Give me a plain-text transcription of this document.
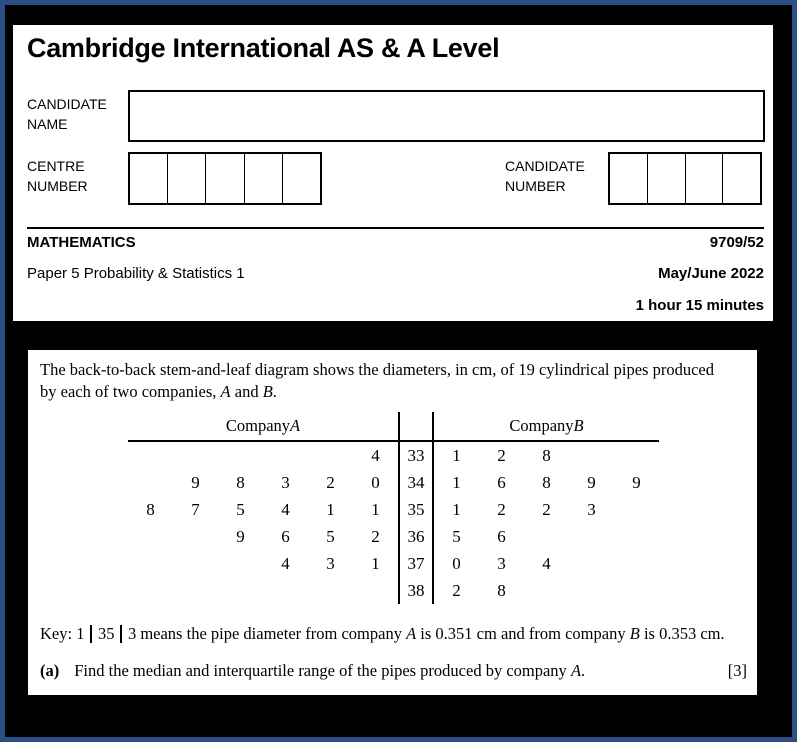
Cambridge International AS & A Level
CANDIDATE NAME
CENTRE NUMBER
CANDIDATE NUMBER
MATHEMATICS	9709/52
Paper 5 Probability & Statistics 1	May/June 2022
1 hour 15 minutes
The back-to-back stem-and-leaf diagram shows the diameters, in cm, of 19 cylindrical pipes produced
by each of two companies, A and B.
Company A	Company B
4	33	1	2	8
9	8	3	2	0	34	1	6	8	9	9
8	7	5	4	1	1	35	1	2	2	3
9	6	5	2	36	5	6
4	3	1	37	0	3	4
38	2	8
Key: 1 35 3 means the pipe diameter from company A is 0.351 cm and from company B is 0.353 cm.
(a) Find the median and interquartile range of the pipes produced by company A.	[3]
